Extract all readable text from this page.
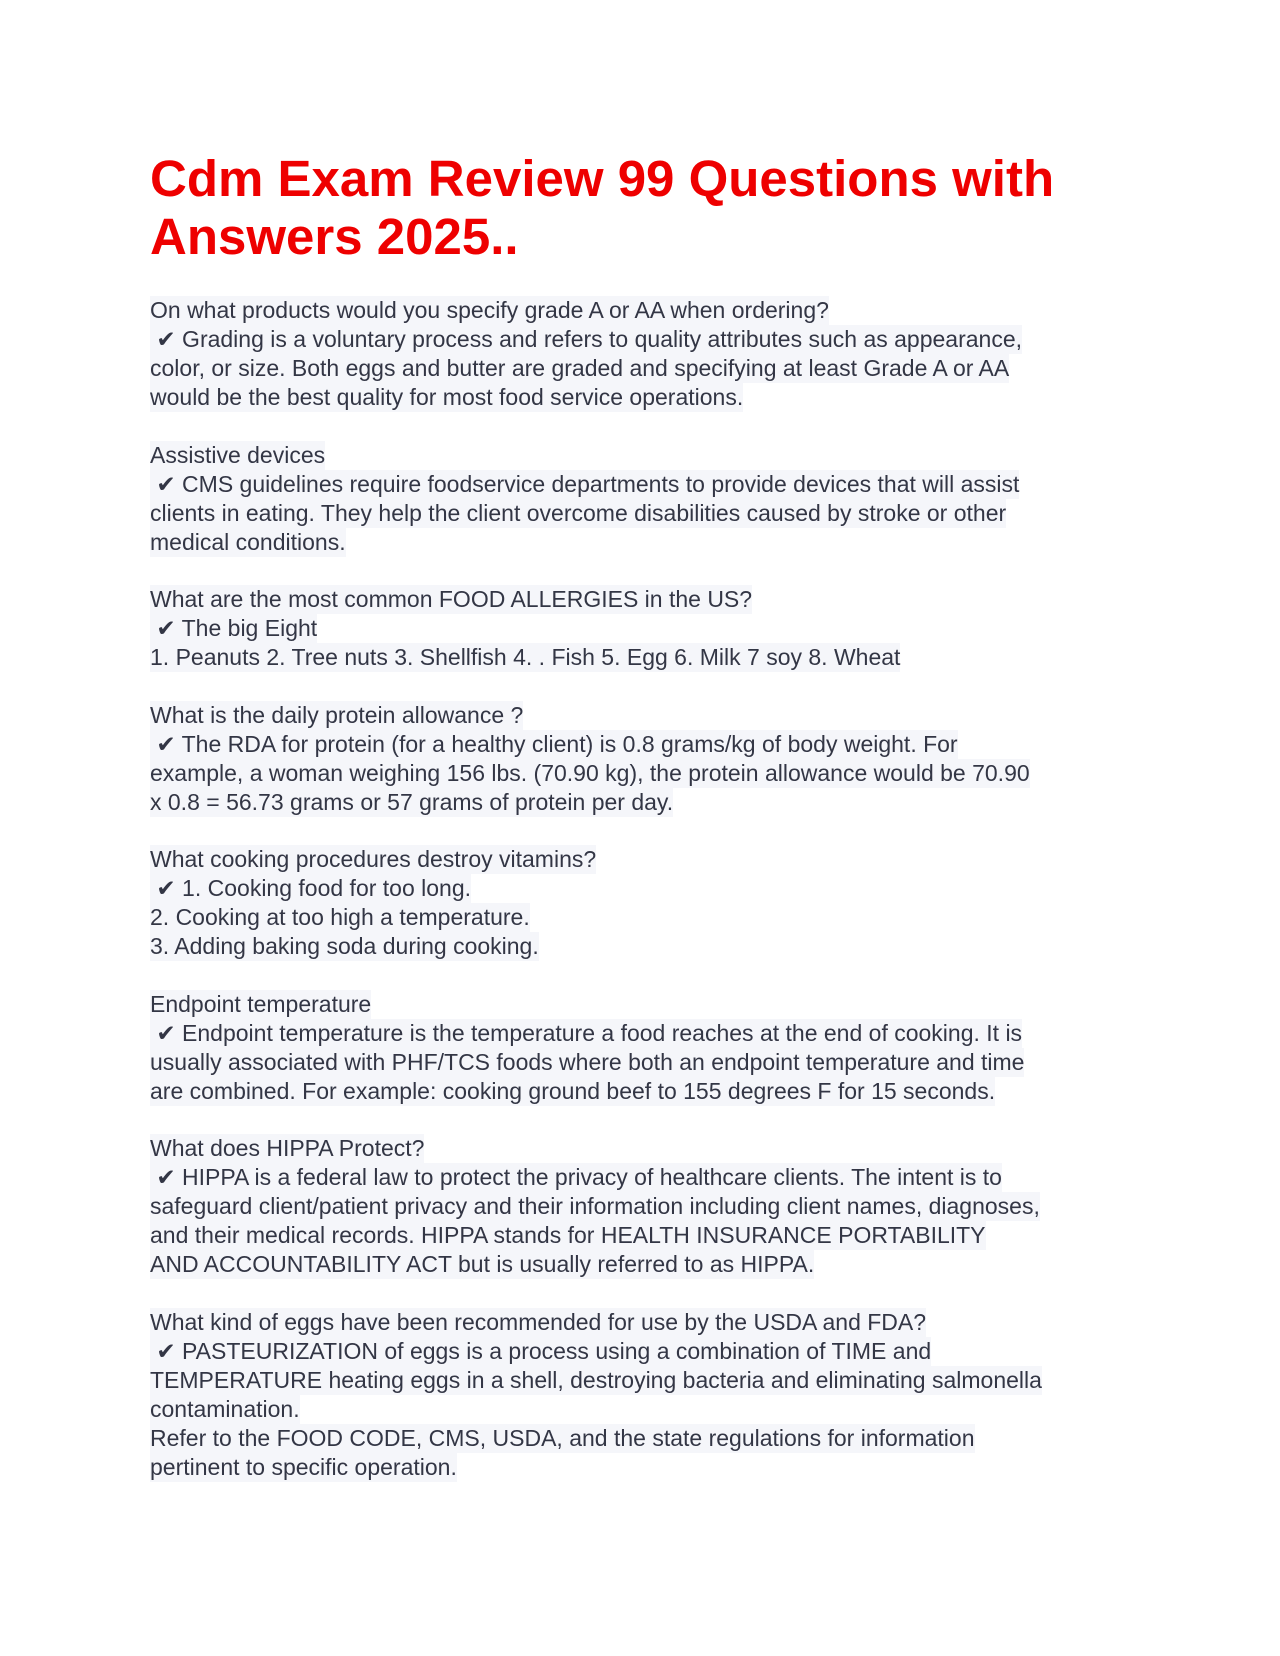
Cdm Exam Review 99 Questions with
Answers 2025..
On what products would you specify grade A or AA when ordering?
✔ Grading is a voluntary process and refers to quality attributes such as appearance,
color, or size. Both eggs and butter are graded and specifying at least Grade A or AA
would be the best quality for most food service operations.
Assistive devices
✔ CMS guidelines require foodservice departments to provide devices that will assist
clients in eating. They help the client overcome disabilities caused by stroke or other
medical conditions.
What are the most common FOOD ALLERGIES in the US?
✔ The big Eight
1. Peanuts 2. Tree nuts 3. Shellfish 4. . Fish 5. Egg 6. Milk 7 soy 8. Wheat
What is the daily protein allowance ?
✔ The RDA for protein (for a healthy client) is 0.8 grams/kg of body weight. For
example, a woman weighing 156 lbs. (70.90 kg), the protein allowance would be 70.90
x 0.8 = 56.73 grams or 57 grams of protein per day.
What cooking procedures destroy vitamins?
✔ 1. Cooking food for too long.
2. Cooking at too high a temperature.
3. Adding baking soda during cooking.
Endpoint temperature
✔ Endpoint temperature is the temperature a food reaches at the end of cooking. It is
usually associated with PHF/TCS foods where both an endpoint temperature and time
are combined. For example: cooking ground beef to 155 degrees F for 15 seconds.
What does HIPPA Protect?
✔ HIPPA is a federal law to protect the privacy of healthcare clients. The intent is to
safeguard client/patient privacy and their information including client names, diagnoses,
and their medical records. HIPPA stands for HEALTH INSURANCE PORTABILITY
AND ACCOUNTABILITY ACT but is usually referred to as HIPPA.
What kind of eggs have been recommended for use by the USDA and FDA?
✔ PASTEURIZATION of eggs is a process using a combination of TIME and
TEMPERATURE heating eggs in a shell, destroying bacteria and eliminating salmonella
contamination.
Refer to the FOOD CODE, CMS, USDA, and the state regulations for information
pertinent to specific operation.
